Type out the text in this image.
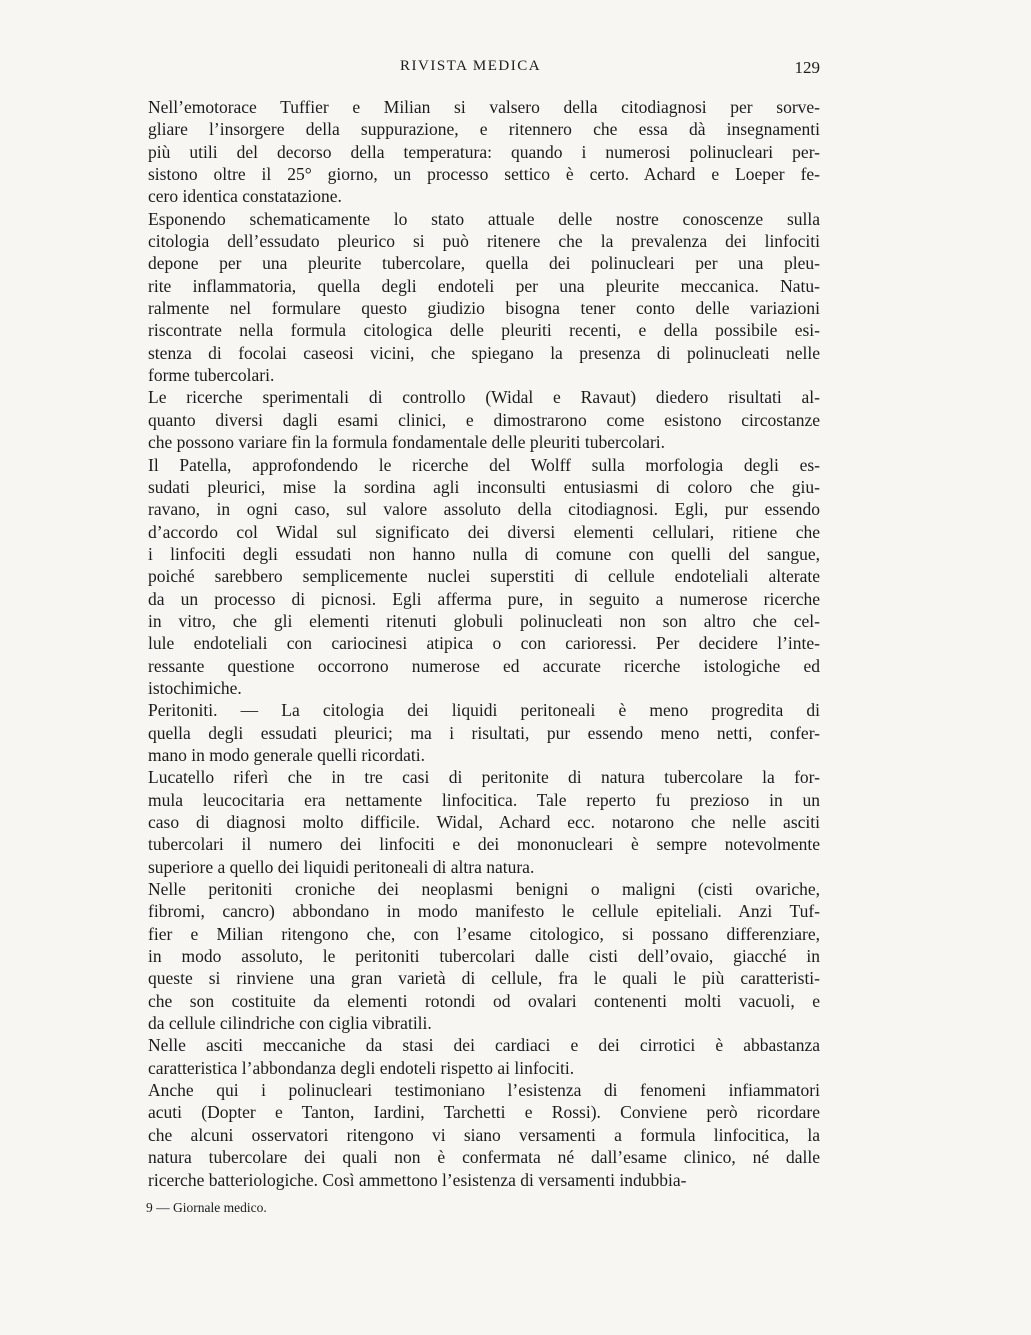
RIVISTA MEDICA	129
Nell’emotorace Tuffier e Milian si valsero della citodiagnosi per sorve-
gliare l’insorgere della suppurazione, e ritennero che essa dà insegnamenti
più utili del decorso della temperatura: quando i numerosi polinucleari per-
sistono oltre il 25° giorno, un processo settico è certo. Achard e Loeper fe-
cero identica constatazione.
Esponendo schematicamente lo stato attuale delle nostre conoscenze sulla
citologia dell’essudato pleurico si può ritenere che la prevalenza dei linfociti
depone per una pleurite tubercolare, quella dei polinucleari per una pleu-
rite inflammatoria, quella degli endoteli per una pleurite meccanica. Natu-
ralmente nel formulare questo giudizio bisogna tener conto delle variazioni
riscontrate nella formula citologica delle pleuriti recenti, e della possibile esi-
stenza di focolai caseosi vicini, che spiegano la presenza di polinucleati nelle
forme tubercolari.
Le ricerche sperimentali di controllo (Widal e Ravaut) diedero risultati al-
quanto diversi dagli esami clinici, e dimostrarono come esistono circostanze
che possono variare fin la formula fondamentale delle pleuriti tubercolari.
Il Patella, approfondendo le ricerche del Wolff sulla morfologia degli es-
sudati pleurici, mise la sordina agli inconsulti entusiasmi di coloro che giu-
ravano, in ogni caso, sul valore assoluto della citodiagnosi. Egli, pur essendo
d’accordo col Widal sul significato dei diversi elementi cellulari, ritiene che
i linfociti degli essudati non hanno nulla di comune con quelli del sangue,
poiché sarebbero semplicemente nuclei superstiti di cellule endoteliali alterate
da un processo di picnosi. Egli afferma pure, in seguito a numerose ricerche
in vitro, che gli elementi ritenuti globuli polinucleati non son altro che cel-
lule endoteliali con cariocinesi atipica o con carioressi. Per decidere l’inte-
ressante questione occorrono numerose ed accurate ricerche istologiche ed
istochimiche.
Peritoniti. — La citologia dei liquidi peritoneali è meno progredita di
quella degli essudati pleurici; ma i risultati, pur essendo meno netti, confer-
mano in modo generale quelli ricordati.
Lucatello riferì che in tre casi di peritonite di natura tubercolare la for-
mula leucocitaria era nettamente linfocitica. Tale reperto fu prezioso in un
caso di diagnosi molto difficile. Widal, Achard ecc. notarono che nelle asciti
tubercolari il numero dei linfociti e dei mononucleari è sempre notevolmente
superiore a quello dei liquidi peritoneali di altra natura.
Nelle peritoniti croniche dei neoplasmi benigni o maligni (cisti ovariche,
fibromi, cancro) abbondano in modo manifesto le cellule epiteliali. Anzi Tuf-
fier e Milian ritengono che, con l’esame citologico, si possano differenziare,
in modo assoluto, le peritoniti tubercolari dalle cisti dell’ovaio, giacché in
queste si rinviene una gran varietà di cellule, fra le quali le più caratteristi-
che son costituite da elementi rotondi od ovalari contenenti molti vacuoli, e
da cellule cilindriche con ciglia vibratili.
Nelle asciti meccaniche da stasi dei cardiaci e dei cirrotici è abbastanza
caratteristica l’abbondanza degli endoteli rispetto ai linfociti.
Anche qui i polinucleari testimoniano l’esistenza di fenomeni infiammatori
acuti (Dopter e Tanton, Iardini, Tarchetti e Rossi). Conviene però ricordare
che alcuni osservatori ritengono vi siano versamenti a formula linfocitica, la
natura tubercolare dei quali non è confermata né dall’esame clinico, né dalle
ricerche batteriologiche. Così ammettono l’esistenza di versamenti indubbia-
9 — Giornale medico.
